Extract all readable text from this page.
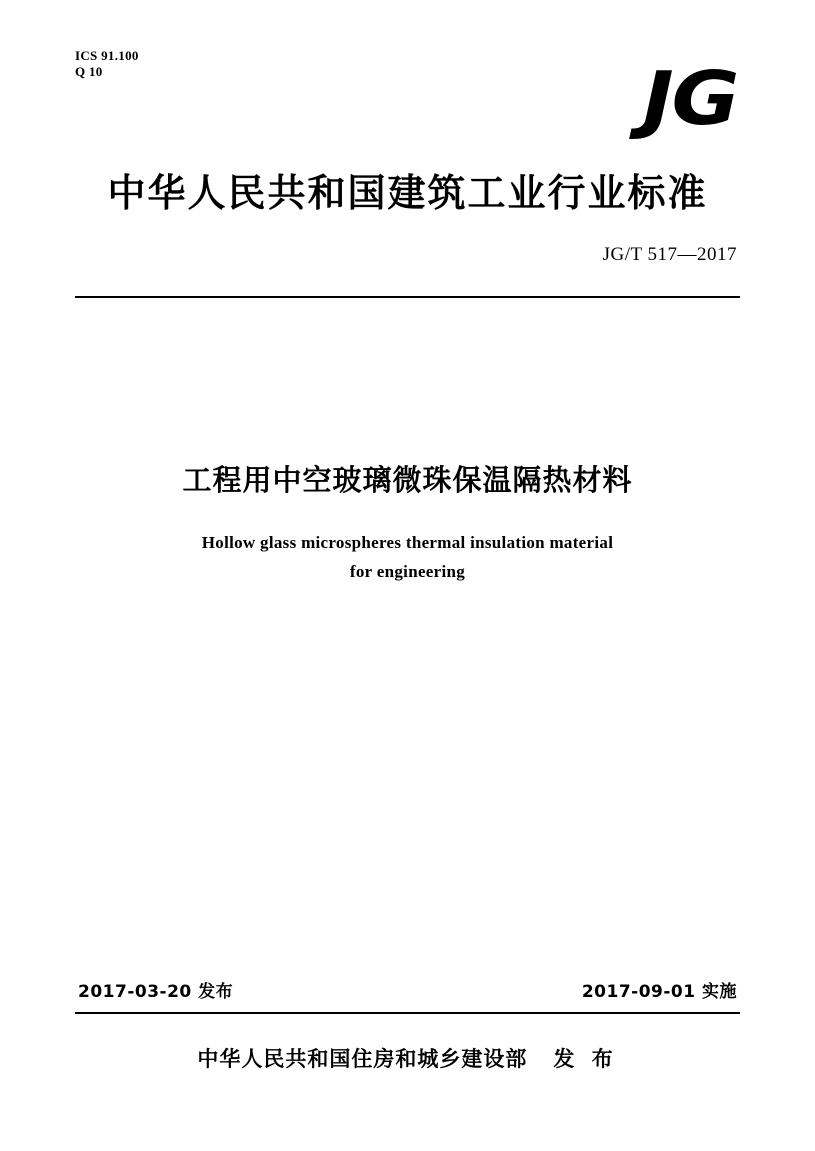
ICS 91.100
Q 10	JG
中华人民共和国建筑工业行业标准
JG/T 517—2017
工程用中空玻璃微珠保温隔热材料
Hollow glass microspheres thermal insulation material
for engineering
2017-03-20 发布	2017-09-01 实施
中华人民共和国住房和城乡建设部 发 布
